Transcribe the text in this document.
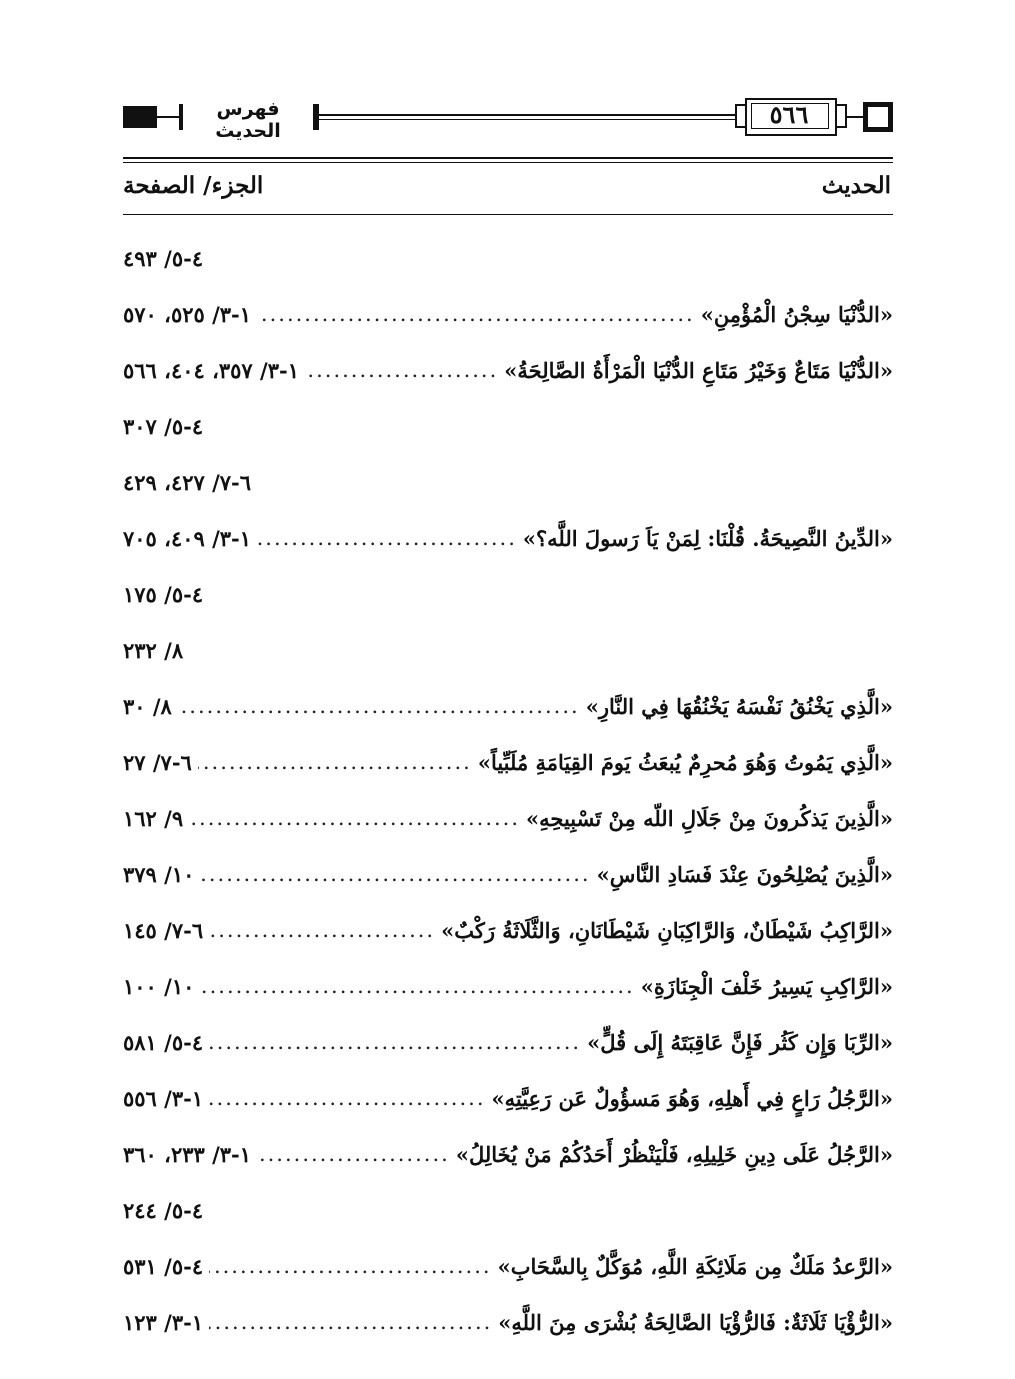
فهرس الحديث
٥٦٦
الحديث
الجزء/ الصفحة
٤-٥/ ٤٩٣
«الدُّنْيَا سِجْنُ الْمُؤْمِنِ»
.....
١-٣/ ٥٢٥، ٥٧٠
«الدُّنْيَا مَتَاعٌ وَخَيْرُ مَتَاعِ الدُّنْيَا الْمَرْأَةُ الصَّالِحَةُ»
.....
١-٣/ ٣٥٧، ٤٠٤، ٥٦٦
٤-٥/ ٣٠٧
٦-٧/ ٤٢٧، ٤٢٩
«الدِّينُ النَّصِيحَةُ. قُلْنَا: لِمَنْ يَاَ رَسولَ اللَّه؟»
.....
١-٣/ ٤٠٩، ٧٠٥
٤-٥/ ١٧٥
٨/ ٢٣٢
«الَّذِي يَخْنُقُ نَفْسَهُ يَخْنُقُهَا فِي النَّارِ»
.....
٨/ ٣٠
«الَّذِي يَمُوتُ وَهُوَ مُحرِمٌ يُبعَثُ يَومَ القِيَامَةِ مُلَبِّياً»
.....
٦-٧/ ٢٧
«الَّذِينَ يَذكُرونَ مِنْ جَلَالِ اللّه مِنْ تَسْبِيحِهِ»
.....
٩/ ١٦٢
«الَّذِينَ يُصْلِحُونَ عِنْدَ فَسَادِ النَّاسِ»
.....
١٠/ ٣٧٩
«الرَّاكِبُ شَيْطَانٌ، وَالرَّاكِبَانِ شَيْطَانَانِ، وَالثَّلَاثَةُ رَكْبٌ»
.....
٦-٧/ ١٤٥
«الرَّاكِبِ يَسِيرُ خَلْفَ الْجِنَازَةِ»
.....
١٠/ ١٠٠
«الرِّبَا وَإِن كَثُر فَإِنَّ عَاقِبَتَهُ إِلَى قُلٍّ»
.....
٤-٥/ ٥٨١
«الرَّجُلُ رَاعٍ فِي أَهلِهِ، وَهُوَ مَسؤُولٌ عَن رَعِيَّتِهِ»
.....
١-٣/ ٥٥٦
«الرَّجُلُ عَلَى دِينِ خَلِيلِهِ، فَلْيَنْظُرْ أَحَدُكُمْ مَنْ يُخَالِلُ»
.....
١-٣/ ٢٣٣، ٣٦٠
٤-٥/ ٢٤٤
«الرَّعدُ مَلَكٌ مِن مَلَائِكَةِ اللَّهِ، مُوَكَّلٌ بِالسَّحَابِ»
.....
٤-٥/ ٥٣١
«الرُّؤْيَا ثَلَاثَةٌ: فَالرُّؤْيَا الصَّالِحَةُ بُشْرَى مِنَ اللَّهِ»
.....
١-٣/ ١٢٣
